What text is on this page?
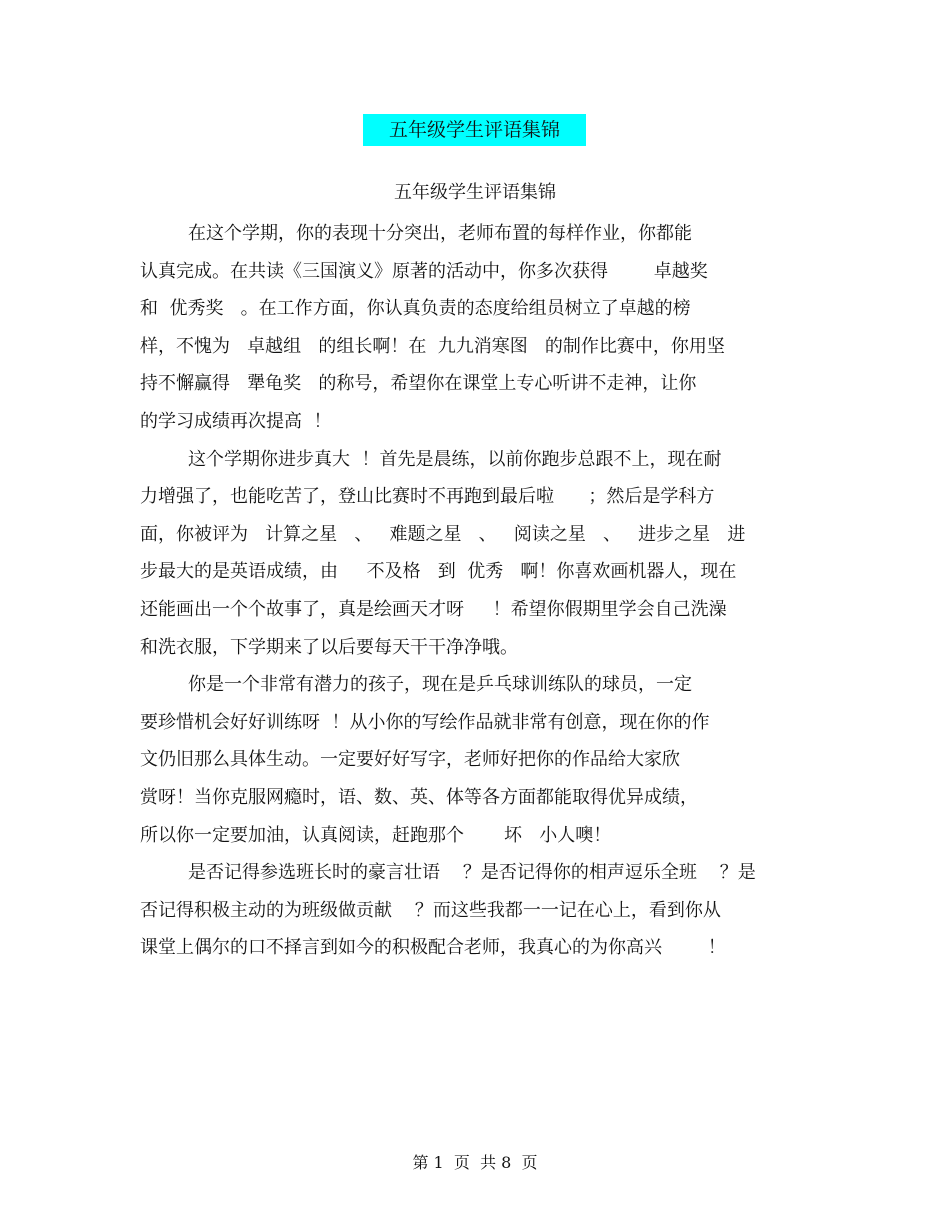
五年级学生评语集锦
五年级学生评语集锦
在这个学期，你的表现十分突出，老师布置的每样作业，你都能
认真完成。在共读《三国演义》原著的活动中，你多次获得        卓越奖
和  优秀奖   。在工作方面，你认真负责的态度给组员树立了卓越的榜
样，不愧为   卓越组   的组长啊！在  九九消寒图   的制作比赛中，你用坚
持不懈赢得   犟龟奖   的称号，希望你在课堂上专心听讲不走神，让你
的学习成绩再次提高  ！
这个学期你进步真大  ！首先是晨练，以前你跑步总跟不上，现在耐
力增强了，也能吃苦了，登山比赛时不再跑到最后啦      ；然后是学科方
面，你被评为   计算之星   、   难题之星   、   阅读之星   、   进步之星   进
步最大的是英语成绩，由     不及格   到  优秀   啊！你喜欢画机器人，现在
还能画出一个个故事了，真是绘画天才呀     ！希望你假期里学会自己洗澡
和洗衣服，下学期来了以后要每天干干净净哦。
你是一个非常有潜力的孩子，现在是乒乓球训练队的球员，一定
要珍惜机会好好训练呀  ！从小你的写绘作品就非常有创意，现在你的作
文仍旧那么具体生动。一定要好好写字，老师好把你的作品给大家欣
赏呀！当你克服网瘾时，语、数、英、体等各方面都能取得优异成绩，
所以你一定要加油，认真阅读，赶跑那个       坏   小人噢！
是否记得参选班长时的豪言壮语    ？是否记得你的相声逗乐全班    ？是
否记得积极主动的为班级做贡献    ？而这些我都一一记在心上，看到你从
课堂上偶尔的口不择言到如今的积极配合老师，我真心的为你高兴        ！
第 1  页  共 8  页
